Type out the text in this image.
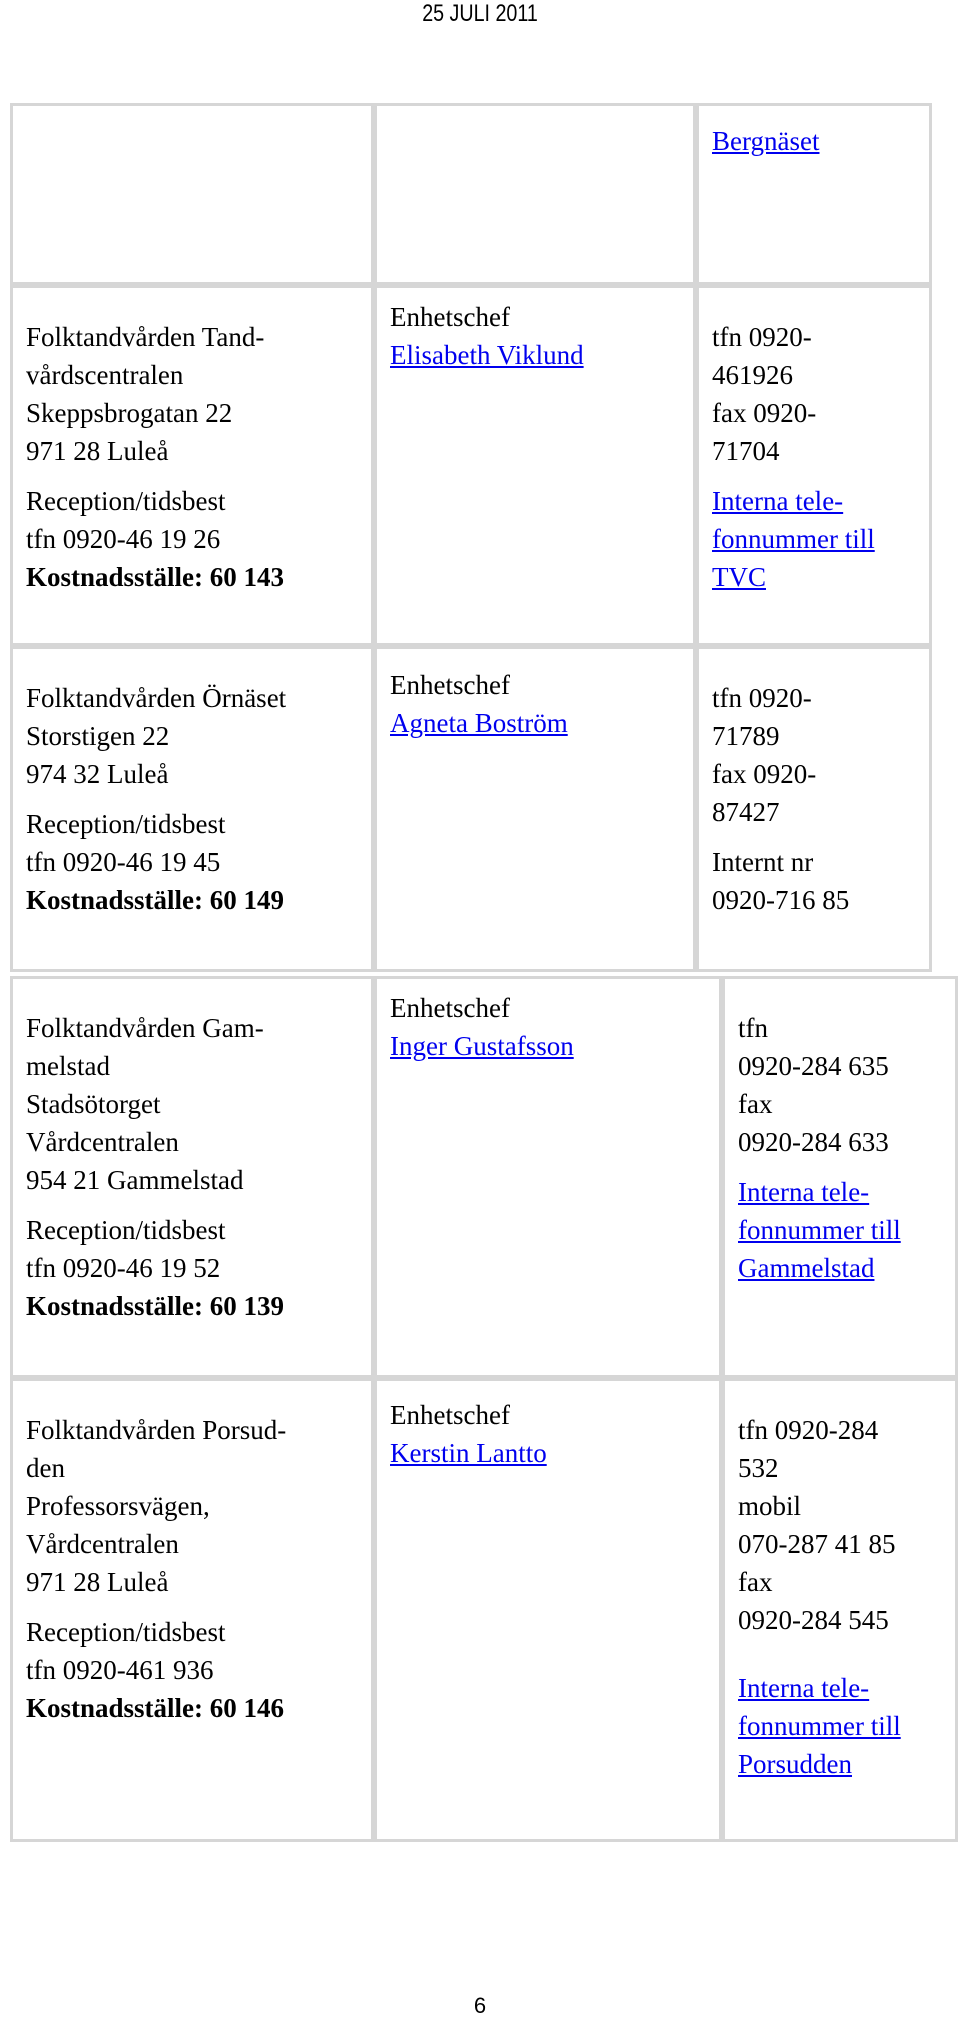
25 JULI 2011
Bergnäset
Folktandvården Tand-
vårdscentralen
Skeppsbrogatan 22
971 28 Luleå
Reception/tidsbest
tfn 0920-46 19 26
Kostnadsställe: 60 143
Enhetschef
Elisabeth Viklund
tfn 0920-
461926
fax 0920-
71704
Interna tele-
fonnummer till
TVC
Folktandvården Örnäset
Storstigen 22
974 32 Luleå
Reception/tidsbest
tfn 0920-46 19 45
Kostnadsställe: 60 149
Enhetschef
Agneta Boström
tfn 0920-
71789
fax 0920-
87427
Internt nr
0920-716 85
Folktandvården Gam-
melstad
Stadsötorget
Vårdcentralen
954 21 Gammelstad
Reception/tidsbest
tfn 0920-46 19 52
Kostnadsställe: 60 139
Enhetschef
Inger Gustafsson
tfn
0920-284 635
fax
0920-284 633
Interna tele-
fonnummer till
Gammelstad
Folktandvården Porsud-
den
Professorsvägen,
Vårdcentralen
971 28 Luleå
Reception/tidsbest
tfn 0920-461 936
Kostnadsställe: 60 146
Enhetschef
Kerstin Lantto
tfn 0920-284
532
mobil
070-287 41 85
fax
0920-284 545
Interna tele-
fonnummer till
Porsudden
6
